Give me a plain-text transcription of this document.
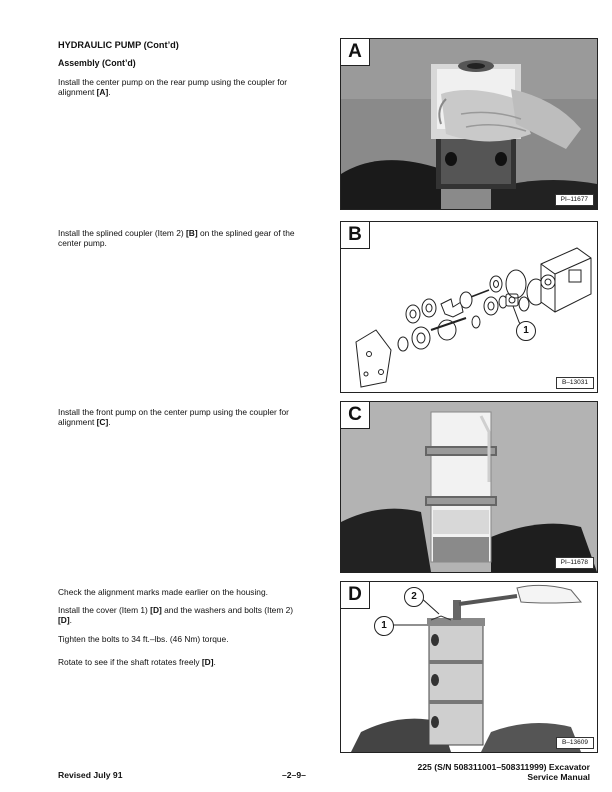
HYDRAULIC PUMP (Cont’d)

Assembly (Cont’d)

Install the center pump on the rear pump using the coupler for alignment [A].

Install the splined coupler (Item 2) [B] on the splined gear of the center pump.

Install the front pump on the center pump using the coupler for alignment [C].

Check the alignment marks made earlier on the housing.

Install the cover (Item 1) [D] and the washers and bolts (Item 2) [D].

Tighten the bolts to 34 ft.–lbs. (46 Nm) torque.

Rotate to see if the shaft rotates freely [D].

A
PI–11677
B
1
B–13031
C
PI–11678
D	2
1
B–13609

Revised July 91	–2–9–

225 (S/N 508311001–508311999) Excavator

Service Manual
